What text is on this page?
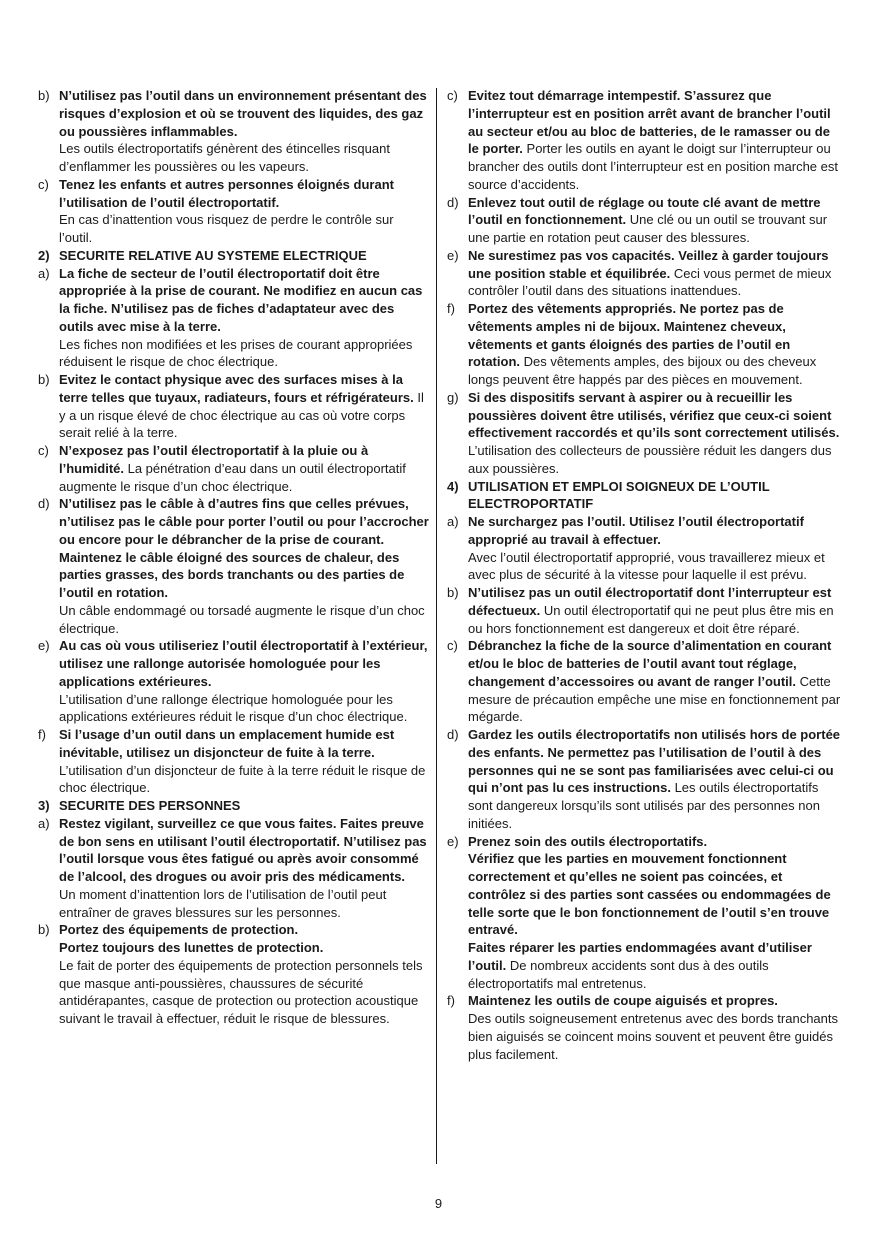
b) N’utilisez pas l’outil dans un environnement présentant des risques d’explosion et où se trouvent des liquides, des gaz ou poussières inflammables.
Les outils électroportatifs génèrent des étincelles risquant d’enflammer les poussières ou les vapeurs.
c) Tenez les enfants et autres personnes éloignés durant l’utilisation de l’outil électroportatif.
En cas d’inattention vous risquez de perdre le contrôle sur l’outil.
2) SECURITE RELATIVE AU SYSTEME ELECTRIQUE
a) La fiche de secteur de l’outil électroportatif doit être appropriée à la prise de courant. Ne modifiez en aucun cas la fiche. N’utilisez pas de fiches d’adaptateur avec des outils avec mise à la terre.
Les fiches non modifiées et les prises de courant appropriées réduisent le risque de choc électrique.
b) Evitez le contact physique avec des surfaces mises à la terre telles que tuyaux, radiateurs, fours et réfrigérateurs. Il y a un risque élevé de choc électrique au cas où votre corps serait relié à la terre.
c) N’exposez pas l’outil électroportatif à la pluie ou à l’humidité. La pénétration d’eau dans un outil électroportatif augmente le risque d’un choc électrique.
d) N’utilisez pas le câble à d’autres fins que celles prévues, n’utilisez pas le câble pour porter l’outil ou pour l’accrocher ou encore pour le débrancher de la prise de courant. Maintenez le câble éloigné des sources de chaleur, des parties grasses, des bords tranchants ou des parties de l’outil en rotation.
Un câble endommagé ou torsadé augmente le risque d’un choc électrique.
e) Au cas où vous utiliseriez l’outil électroportatif à l’extérieur, utilisez une rallonge autorisée homologuée pour les applications extérieures.
L’utilisation d’une rallonge électrique homologuée pour les applications extérieures réduit le risque d’un choc électrique.
f)	Si l’usage d’un outil dans un emplacement humide est inévitable, utilisez un disjoncteur de fuite à la terre. L’utilisation d’un disjoncteur de fuite à la terre réduit le risque de choc électrique.
3) SECURITE DES PERSONNES
a) Restez vigilant, surveillez ce que vous faites. Faites preuve de bon sens en utilisant l’outil électroportatif. N’utilisez pas l’outil lorsque vous êtes fatigué ou après avoir consommé de l’alcool, des drogues ou avoir pris des médicaments.
Un moment d’inattention lors de l’utilisation de l’outil peut entraîner de graves blessures sur les personnes.
b) Portez des équipements de protection.
Portez toujours des lunettes de protection.
Le fait de porter des équipements de protection personnels tels que masque anti-poussières, chaussures de sécurité antidérapantes, casque de protection ou protection acoustique suivant le travail à effectuer, réduit le risque de blessures.
c) Evitez tout démarrage intempestif. S’assurez que l’interrupteur est en position arrêt avant de brancher l’outil au secteur et/ou au bloc de batteries, de le ramasser ou de le porter. Porter les outils en ayant le doigt sur l’interrupteur ou brancher des outils dont l’interrupteur est en position marche est source d’accidents.
d) Enlevez tout outil de réglage ou toute clé avant de mettre l’outil en fonctionnement. Une clé ou un outil se trouvant sur une partie en rotation peut causer des blessures.
e) Ne surestimez pas vos capacités. Veillez à garder toujours une position stable et équilibrée. Ceci vous permet de mieux contrôler l’outil dans des situations inattendues.
f)	Portez des vêtements appropriés. Ne portez pas de vêtements amples ni de bijoux. Maintenez cheveux, vêtements et gants éloignés des parties de l’outil en rotation. Des vêtements amples, des bijoux ou des cheveux longs peuvent être happés par des pièces en mouvement.
g) Si des dispositifs servant à aspirer ou à recueillir les poussières doivent être utilisés, vérifiez que ceux-ci soient effectivement raccordés et qu’ils sont correctement utilisés. L’utilisation des collecteurs de poussière réduit les dangers dus aux poussières.
4) UTILISATION ET EMPLOI SOIGNEUX DE L’OUTIL ELECTROPORTATIF
a) Ne surchargez pas l’outil. Utilisez l’outil électroportatif approprié au travail à effectuer.
Avec l’outil électroportatif approprié, vous travaillerez mieux et avec plus de sécurité à la vitesse pour laquelle il est prévu.
b) N’utilisez pas un outil électroportatif dont l’interrupteur est défectueux. Un outil électroportatif qui ne peut plus être mis en ou hors fonctionnement est dangereux et doit être réparé.
c) Débranchez la fiche de la source d’alimentation en courant et/ou le bloc de batteries de l’outil avant tout réglage, changement d’accessoires ou avant de ranger l’outil. Cette mesure de précaution empêche une mise en fonctionnement par mégarde.
d) Gardez les outils électroportatifs non utilisés hors de portée des enfants. Ne permettez pas l’utilisation de l’outil à des personnes qui ne se sont pas familiarisées avec celui-ci ou qui n’ont pas lu ces instructions. Les outils électroportatifs sont dangereux lorsqu’ils sont utilisés par des personnes non initiées.
e) Prenez soin des outils électroportatifs.
Vérifiez que les parties en mouvement fonctionnent correctement et qu’elles ne soient pas coincées, et contrôlez si des parties sont cassées ou endommagées de telle sorte que le bon fonctionnement de l’outil s’en trouve entravé.
Faites réparer les parties endommagées avant d’utiliser l’outil. De nombreux accidents sont dus à des outils électroportatifs mal entretenus.
f)	Maintenez les outils de coupe aiguisés et propres.
Des outils soigneusement entretenus avec des bords tranchants bien aiguisés se coincent moins souvent et peuvent être guidés plus facilement.
9
